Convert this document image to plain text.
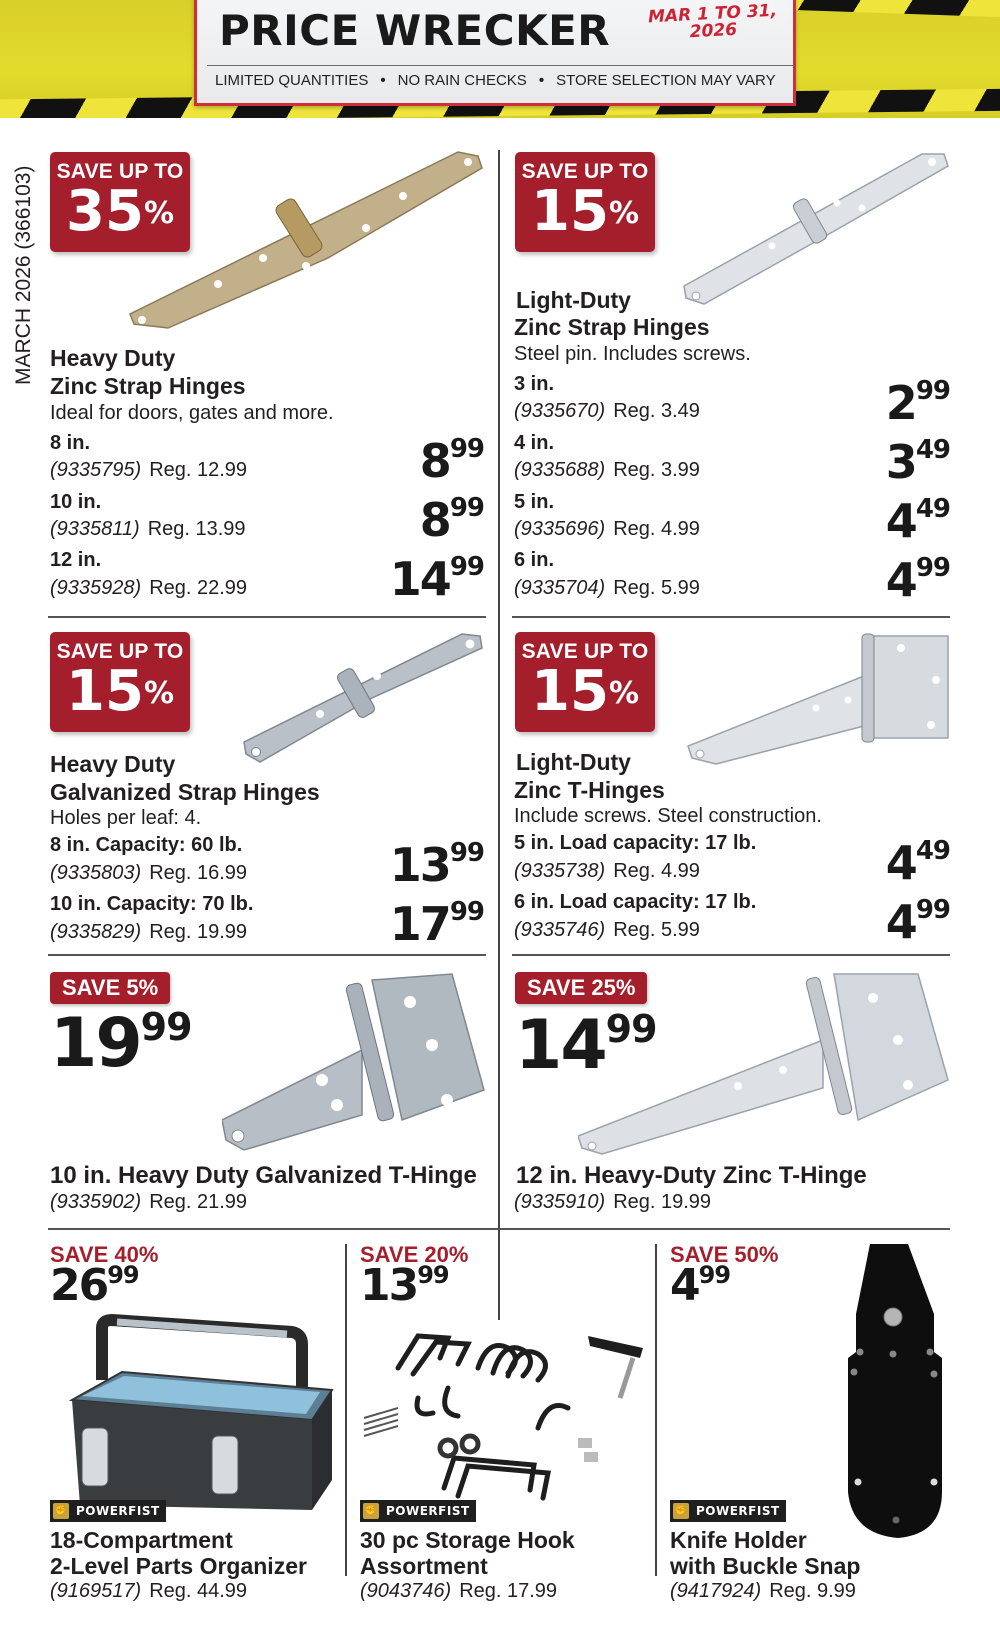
PRICE WRECKER	MAR 1 TO 31, 2026
LIMITED QUANTITIES • NO RAIN CHECKS • STORE SELECTION MAY VARY
MARCH 2026 (366103)	SAVE UP TO
35%
Heavy Duty
Zinc Strap Hinges
Ideal for doors, gates and more.
8 in.
(9335795) Reg. 12.99	899
10 in.
(9335811) Reg. 13.99	899
12 in.
(9335928) Reg. 22.99	1499
SAVE UP TO
15%
Light-Duty
Zinc Strap Hinges
Steel pin. Includes screws.
3 in.
(9335670) Reg. 3.49	299
4 in.
(9335688) Reg. 3.99	349
5 in.
(9335696) Reg. 4.99	449
6 in.
(9335704) Reg. 5.99	499
SAVE UP TO
15%
Heavy Duty
Galvanized Strap Hinges
Holes per leaf: 4.
8 in. Capacity: 60 lb.
(9335803) Reg. 16.99	1399
10 in. Capacity: 70 lb.
(9335829) Reg. 19.99	1799
SAVE UP TO
15%
Light-Duty
Zinc T-Hinges
Include screws. Steel construction.
5 in. Load capacity: 17 lb.
(9335738) Reg. 4.99	449
6 in. Load capacity: 17 lb.
(9335746) Reg. 5.99	499
SAVE 5%
1999
10 in. Heavy Duty Galvanized T-Hinge
(9335902) Reg. 21.99
SAVE 25%
1499
12 in. Heavy-Duty Zinc T-Hinge
(9335910) Reg. 19.99
SAVE 40%
2699
✊ POWERFIST
18-Compartment
2-Level Parts Organizer
(9169517) Reg. 44.99
SAVE 20%
1399
✊ POWERFIST
30 pc Storage Hook
Assortment
(9043746) Reg. 17.99
SAVE 50%
499
✊ POWERFIST
Knife Holder
with Buckle Snap
(9417924) Reg. 9.99
